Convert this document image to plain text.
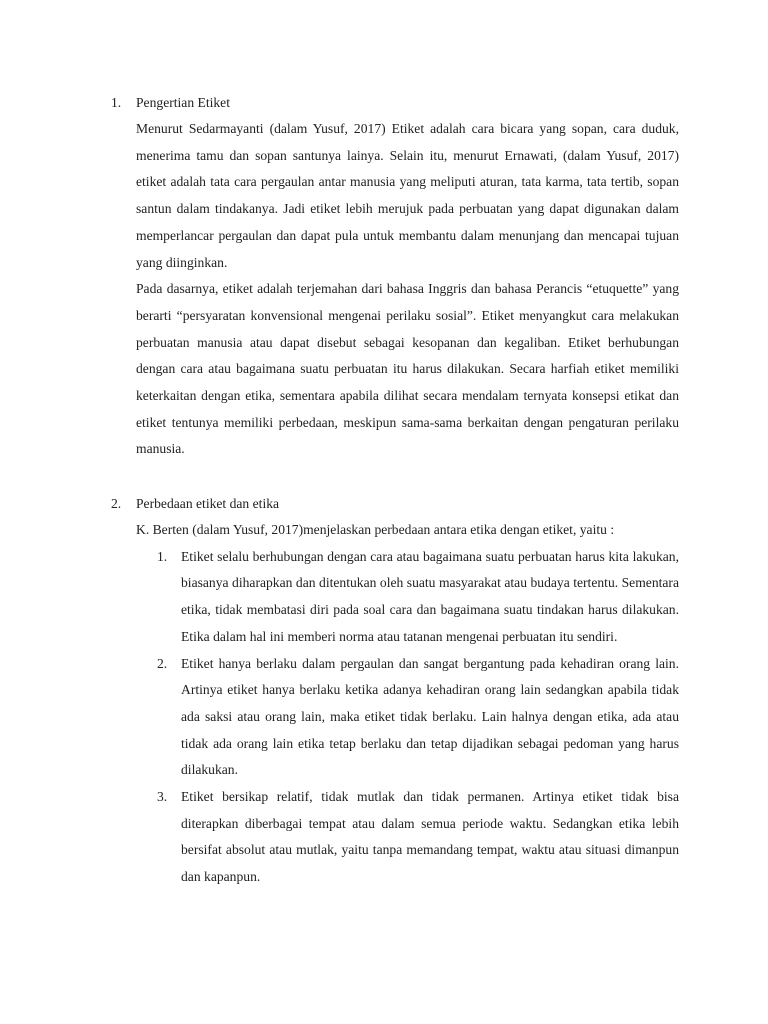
1. Pengertian Etiket

Menurut Sedarmayanti (dalam Yusuf, 2017) Etiket adalah cara bicara yang sopan, cara duduk, menerima tamu dan sopan santunya lainya. Selain itu, menurut Ernawati, (dalam Yusuf, 2017) etiket adalah tata cara pergaulan antar manusia yang meliputi aturan, tata karma, tata tertib, sopan santun dalam tindakanya. Jadi etiket lebih merujuk pada perbuatan yang dapat digunakan dalam memperlancar pergaulan dan dapat pula untuk membantu dalam menunjang dan mencapai tujuan yang diinginkan.

Pada dasarnya, etiket adalah terjemahan dari bahasa Inggris dan bahasa Perancis “etuquette” yang berarti “persyaratan konvensional mengenai perilaku sosial”. Etiket menyangkut cara melakukan perbuatan manusia atau dapat disebut sebagai kesopanan dan kegaliban. Etiket berhubungan dengan cara atau bagaimana suatu perbuatan itu harus dilakukan. Secara harfiah etiket memiliki keterkaitan dengan etika, sementara apabila dilihat secara mendalam ternyata konsepsi etikat dan etiket tentunya memiliki perbedaan, meskipun sama-sama berkaitan dengan pengaturan perilaku manusia.

2. Perbedaan etiket dan etika

K. Berten (dalam Yusuf, 2017)menjelaskan perbedaan antara etika dengan etiket, yaitu :

1. Etiket selalu berhubungan dengan cara atau bagaimana suatu perbuatan harus kita lakukan, biasanya diharapkan dan ditentukan oleh suatu masyarakat atau budaya tertentu. Sementara etika, tidak membatasi diri pada soal cara dan bagaimana suatu tindakan harus dilakukan. Etika dalam hal ini memberi norma atau tatanan mengenai perbuatan itu sendiri.
2. Etiket hanya berlaku dalam pergaulan dan sangat bergantung pada kehadiran orang lain. Artinya etiket hanya berlaku ketika adanya kehadiran orang lain sedangkan apabila tidak ada saksi atau orang lain, maka etiket tidak berlaku. Lain halnya dengan etika, ada atau tidak ada orang lain etika tetap berlaku dan tetap dijadikan sebagai pedoman yang harus dilakukan.
3. Etiket bersikap relatif, tidak mutlak dan tidak permanen. Artinya etiket tidak bisa diterapkan diberbagai tempat atau dalam semua periode waktu. Sedangkan etika lebih bersifat absolut atau mutlak, yaitu tanpa memandang tempat, waktu atau situasi dimanpun dan kapanpun.
